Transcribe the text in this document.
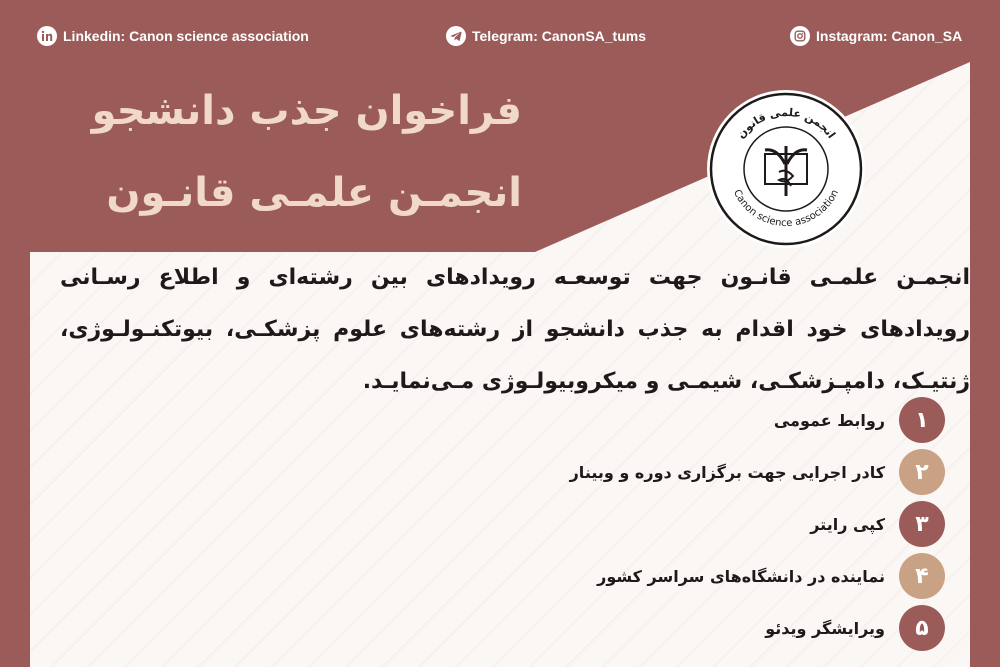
Linkedin: Canon science association	Telegram: CanonSA_tums	Instagram: Canon_SA
فراخوان جذب دانشجو
انجمـن علمـی قانـون
انجمن علمی قانون
Canon science association
انجمـن علمـی قانـون جهت توسعـه رویدادهای بین رشته‌ای و اطلاع رسـانی رویدادهای خود اقدام به جذب دانشجو از رشته‌های علوم پزشکـی، بیوتکنـولـوژی، ژنتیـک، دامپـزشکـی، شیمـی و میکروبیولـوژی مـی‌نمایـد.
۱
روابط عمومی
۲
کادر اجرایی جهت برگزاری دوره و وبینار
۳
کپی رایتر
۴
نماینده در دانشگاه‌های سراسر کشور
۵
ویرایشگر ویدئو
